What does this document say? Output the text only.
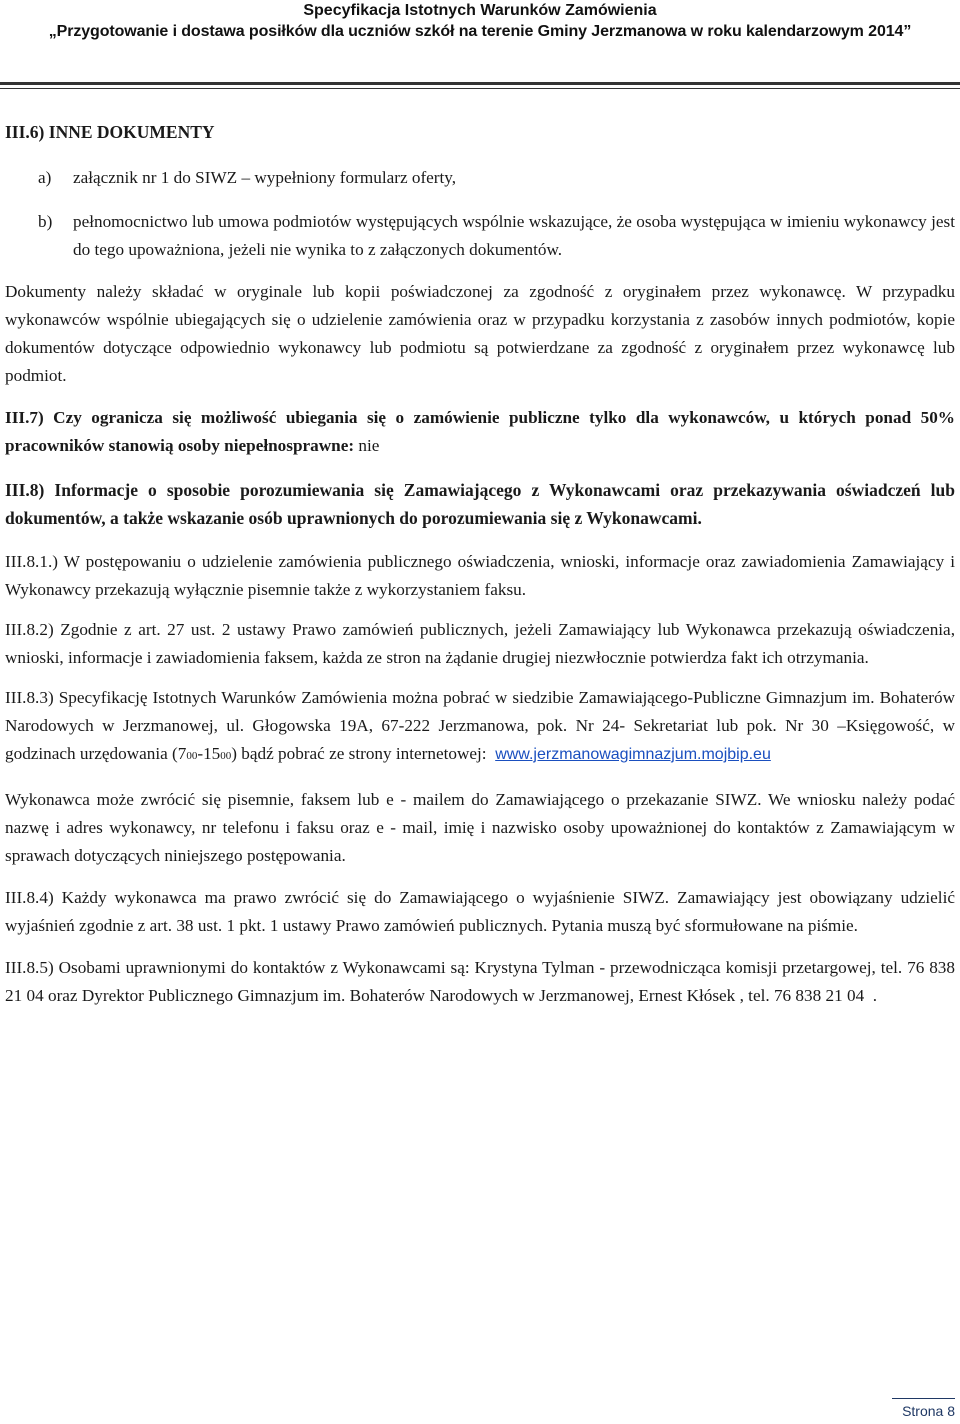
Specyfikacja Istotnych Warunków Zamówienia
„Przygotowanie i dostawa posiłków dla uczniów szkół na terenie Gminy Jerzmanowa w roku kalendarzowym 2014”

III.6) INNE DOKUMENTY

a) załącznik nr 1 do SIWZ – wypełniony formularz oferty,

b) pełnomocnictwo lub umowa podmiotów występujących wspólnie wskazujące, że osoba występująca w imieniu wykonawcy jest do tego upoważniona, jeżeli nie wynika to z załączonych dokumentów.

Dokumenty należy składać w oryginale lub kopii poświadczonej za zgodność z oryginałem przez wykonawcę. W przypadku wykonawców wspólnie ubiegających się o udzielenie zamówienia oraz w przypadku korzystania z zasobów innych podmiotów, kopie dokumentów dotyczące odpowiednio wykonawcy lub podmiotu są potwierdzane za zgodność z oryginałem przez wykonawcę lub podmiot.

III.7) Czy ogranicza się możliwość ubiegania się o zamówienie publiczne tylko dla wykonawców, u których ponad 50% pracowników stanowią osoby niepełnosprawne: nie

III.8) Informacje o sposobie porozumiewania się Zamawiającego z Wykonawcami oraz przekazywania oświadczeń lub dokumentów, a także wskazanie osób uprawnionych do porozumiewania się z Wykonawcami.

III.8.1.) W postępowaniu o udzielenie zamówienia publicznego oświadczenia, wnioski, informacje oraz zawiadomienia Zamawiający i Wykonawcy przekazują wyłącznie pisemnie także z wykorzystaniem faksu.

III.8.2) Zgodnie z art. 27 ust. 2 ustawy Prawo zamówień publicznych, jeżeli Zamawiający lub Wykonawca przekazują oświadczenia, wnioski, informacje i zawiadomienia faksem, każda ze stron na żądanie drugiej niezwłocznie potwierdza fakt ich otrzymania.

III.8.3) Specyfikację Istotnych Warunków Zamówienia można pobrać w siedzibie Zamawiającego-Publiczne Gimnazjum im. Bohaterów Narodowych w Jerzmanowej, ul. Głogowska 19A, 67-222 Jerzmanowa, pok. Nr 24- Sekretariat lub pok. Nr 30 –Księgowość, w godzinach urzędowania (700-1500) bądź pobrać ze strony internetowej: www.jerzmanowagimnazjum.mojbip.eu

Wykonawca może zwrócić się pisemnie, faksem lub e - mailem do Zamawiającego o przekazanie SIWZ. We wniosku należy podać nazwę i adres wykonawcy, nr telefonu i faksu oraz e - mail, imię i nazwisko osoby upoważnionej do kontaktów z Zamawiającym w sprawach dotyczących niniejszego postępowania.

III.8.4) Każdy wykonawca ma prawo zwrócić się do Zamawiającego o wyjaśnienie SIWZ. Zamawiający jest obowiązany udzielić wyjaśnień zgodnie z art. 38 ust. 1 pkt. 1 ustawy Prawo zamówień publicznych. Pytania muszą być sformułowane na piśmie.

III.8.5) Osobami uprawnionymi do kontaktów z Wykonawcami są: Krystyna Tylman - przewodnicząca komisji przetargowej, tel. 76 838 21 04 oraz Dyrektor Publicznego Gimnazjum im. Bohaterów Narodowych w Jerzmanowej, Ernest Kłósek , tel. 76 838 21 04 .

Strona 8
